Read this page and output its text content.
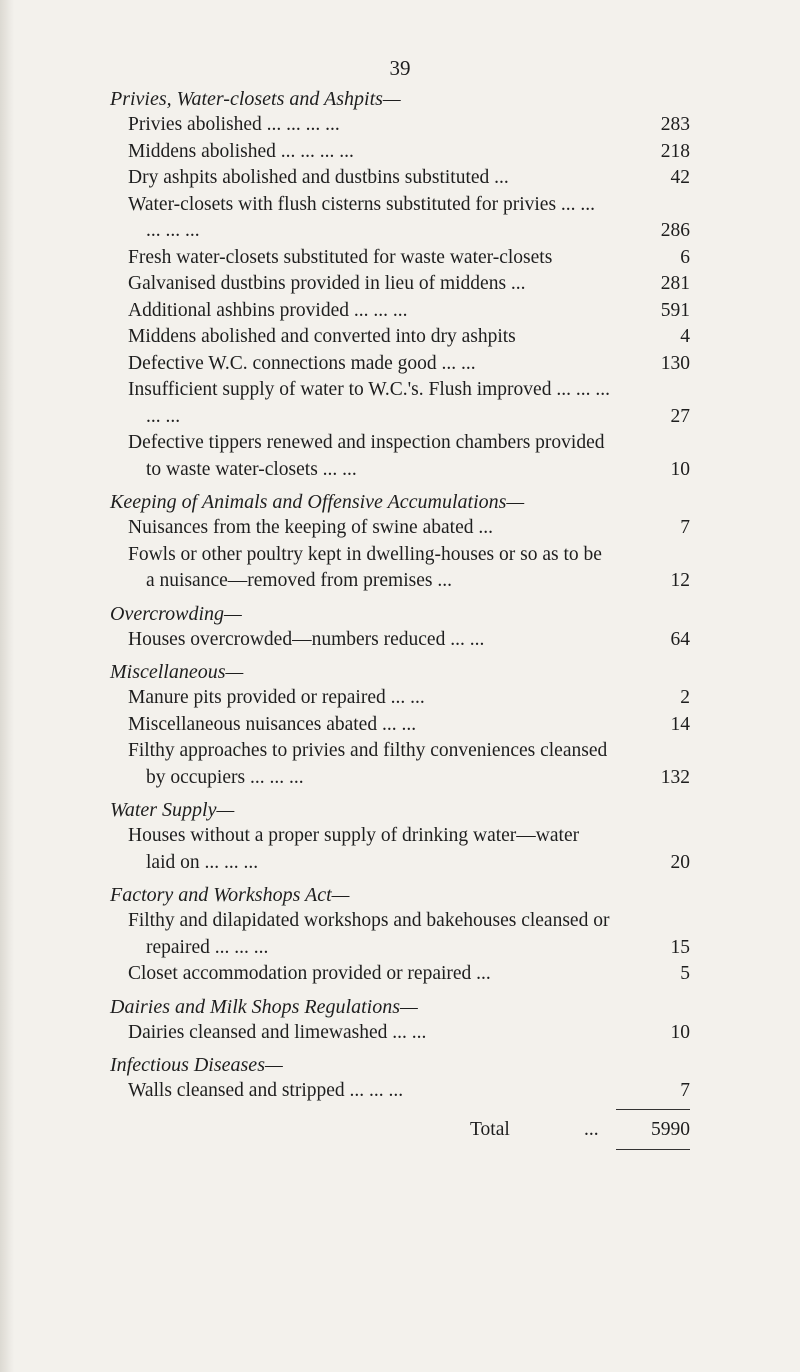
39
Privies, Water-closets and Ashpits—
Privies abolished ... ... ... ...	283
Middens abolished ... ... ... ...	218
Dry ashpits abolished and dustbins substituted ...	42
Water-closets with flush cisterns substituted for privies ... ... ... ... ...	286
Fresh water-closets substituted for waste water-closets	6
Galvanised dustbins provided in lieu of middens ...	281
Additional ashbins provided ... ... ...	591
Middens abolished and converted into dry ashpits	4
Defective W.C. connections made good ... ...	130
Insufficient supply of water to W.C.'s. Flush improved ... ... ... ... ...	27
Defective tippers renewed and inspection chambers provided to waste water-closets ... ...	10
Keeping of Animals and Offensive Accumulations—
Nuisances from the keeping of swine abated ...	7
Fowls or other poultry kept in dwelling-houses or so as to be a nuisance—removed from premises ...	12
Overcrowding—
Houses overcrowded—numbers reduced ... ...	64
Miscellaneous—
Manure pits provided or repaired ... ...	2
Miscellaneous nuisances abated ... ...	14
Filthy approaches to privies and filthy conveniences cleansed by occupiers ... ... ...	132
Water Supply—
Houses without a proper supply of drinking water—water laid on ... ... ...	20
Factory and Workshops Act—
Filthy and dilapidated workshops and bakehouses cleansed or repaired ... ... ...	15
Closet accommodation provided or repaired ...	5
Dairies and Milk Shops Regulations—
Dairies cleansed and limewashed ... ...	10
Infectious Diseases—
Walls cleansed and stripped ... ... ...	7
Total	...	5990
